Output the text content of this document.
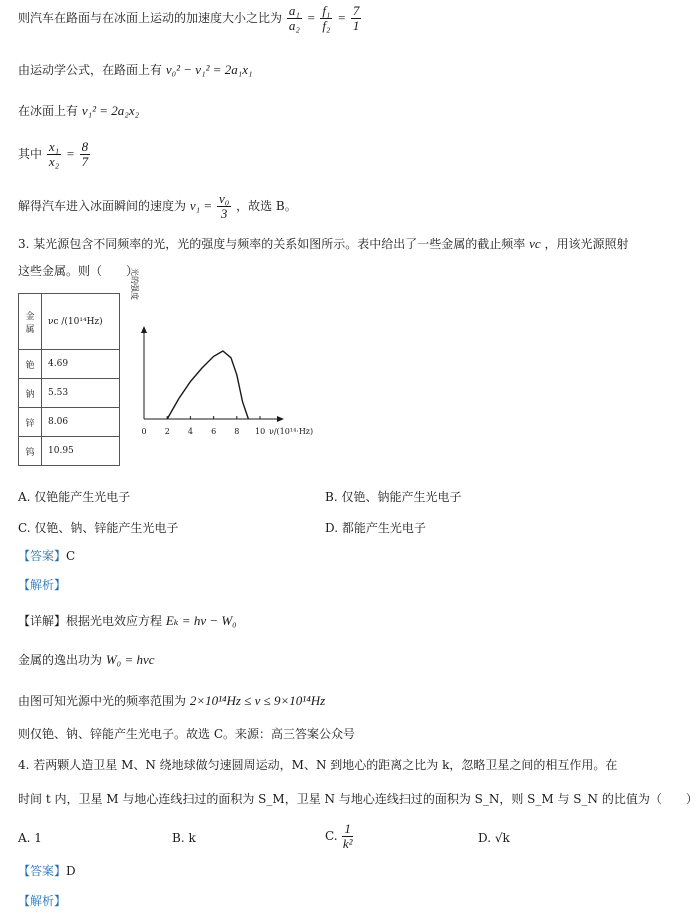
则汽车在路面与在冰面上运动的加速度大小之比为 $\frac{\text{a₁}}{\text{a₂}} = \frac{\text{f₁}}{\text{f₂}} = \frac{7}{1}$
由运动学公式，在路面上有 v₀² − v₁² = 2a₁x₁
在冰面上有 v₁² = 2a₂x₂
其中 $\frac{\text{x₁}}{\text{x₂}} = \frac{8}{7}$
解得汽车进入冰面瞬间的速度为 $v_1 = \frac{\text{v₀}}{3}$ ，故选 B。
3. 某光源包含不同频率的光，光的强度与频率的关系如图所示。表中给出了一些金属的截止频率 νc ，用该光源照射
这些金属。则（　　）
金属	νc /(10¹⁴Hz)
铯	4.69
钠	5.53
锌	8.06
钨	10.95
光的强度
0 2 4 6 8 10 ν/(10¹⁴·Hz)
A. 仅铯能产生光电子	B. 仅铯、钠能产生光电子
C. 仅铯、钠、锌能产生光电子	D. 都能产生光电子
【答案】C
【解析】
【详解】根据光电效应方程 Eₖ = hν − W₀
金属的逸出功为 W₀ = hνc
由图可知光源中光的频率范围为 2×10¹⁴Hz ≤ ν ≤ 9×10¹⁴Hz
则仅铯、钠、锌能产生光电子。故选 C。来源：高三答案公众号
4. 若两颗人造卫星 M、N 绕地球做匀速圆周运动，M、N 到地心的距离之比为 k，忽略卫星之间的相互作用。在
时间 t 内，卫星 M 与地心连线扫过的面积为 S_M，卫星 N 与地心连线扫过的面积为 S_N，则 S_M 与 S_N 的比值为（　　）
A. 1	B. k	C. $\frac{1}{\text{k²}}$	D. √k
【答案】D
【解析】
